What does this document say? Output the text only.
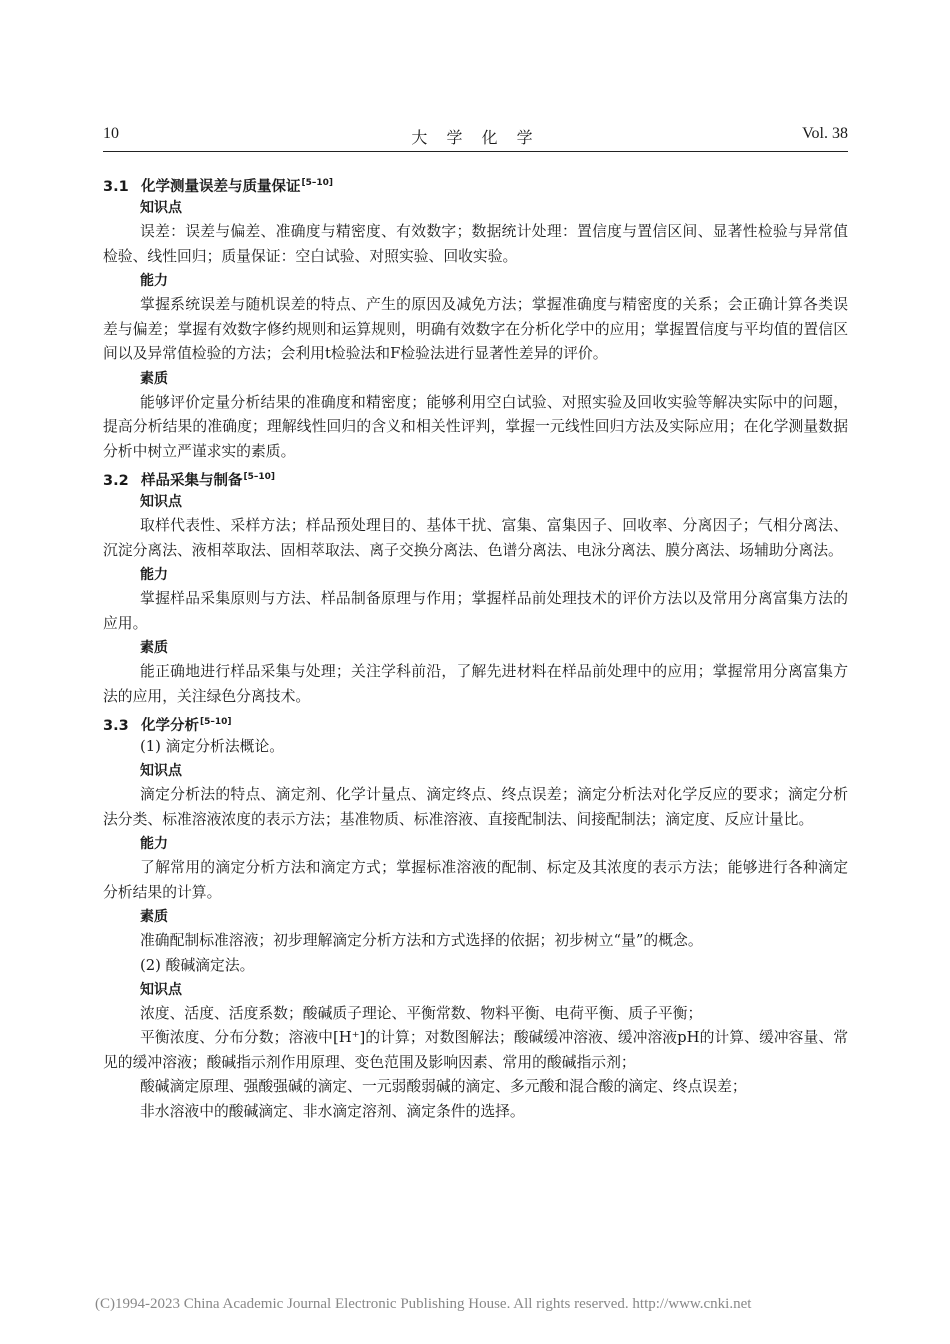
10	大 学 化 学	Vol. 38
3.1 化学测量误差与质量保证[5–10]
知识点

误差：误差与偏差、准确度与精密度、有效数字；数据统计处理：置信度与置信区间、显著性检验与异常值检验、线性回归；质量保证：空白试验、对照实验、回收实验。

能力

掌握系统误差与随机误差的特点、产生的原因及减免方法；掌握准确度与精密度的关系；会正确计算各类误差与偏差；掌握有效数字修约规则和运算规则，明确有效数字在分析化学中的应用；掌握置信度与平均值的置信区间以及异常值检验的方法；会利用t检验法和F检验法进行显著性差异的评价。

素质

能够评价定量分析结果的准确度和精密度；能够利用空白试验、对照实验及回收实验等解决实际中的问题，提高分析结果的准确度；理解线性回归的含义和相关性评判，掌握一元线性回归方法及实际应用；在化学测量数据分析中树立严谨求实的素质。

3.2 样品采集与制备[5–10]
知识点

取样代表性、采样方法；样品预处理目的、基体干扰、富集、富集因子、回收率、分离因子；气相分离法、沉淀分离法、液相萃取法、固相萃取法、离子交换分离法、色谱分离法、电泳分离法、膜分离法、场辅助分离法。

能力

掌握样品采集原则与方法、样品制备原理与作用；掌握样品前处理技术的评价方法以及常用分离富集方法的应用。

素质

能正确地进行样品采集与处理；关注学科前沿，了解先进材料在样品前处理中的应用；掌握常用分离富集方法的应用，关注绿色分离技术。

3.3 化学分析[5–10]
(1) 滴定分析法概论。
知识点

滴定分析法的特点、滴定剂、化学计量点、滴定终点、终点误差；滴定分析法对化学反应的要求；滴定分析法分类、标准溶液浓度的表示方法；基准物质、标准溶液、直接配制法、间接配制法；滴定度、反应计量比。

能力

了解常用的滴定分析方法和滴定方式；掌握标准溶液的配制、标定及其浓度的表示方法；能够进行各种滴定分析结果的计算。

素质

准确配制标准溶液；初步理解滴定分析方法和方式选择的依据；初步树立“量”的概念。

(2) 酸碱滴定法。
知识点

浓度、活度、活度系数；酸碱质子理论、平衡常数、物料平衡、电荷平衡、质子平衡；

平衡浓度、分布分数；溶液中[H⁺]的计算；对数图解法；酸碱缓冲溶液、缓冲溶液pH的计算、缓冲容量、常见的缓冲溶液；酸碱指示剂作用原理、变色范围及影响因素、常用的酸碱指示剂；

酸碱滴定原理、强酸强碱的滴定、一元弱酸弱碱的滴定、多元酸和混合酸的滴定、终点误差；

非水溶液中的酸碱滴定、非水滴定溶剂、滴定条件的选择。

(C)1994-2023 China Academic Journal Electronic Publishing House. All rights reserved. http://www.cnki.net
